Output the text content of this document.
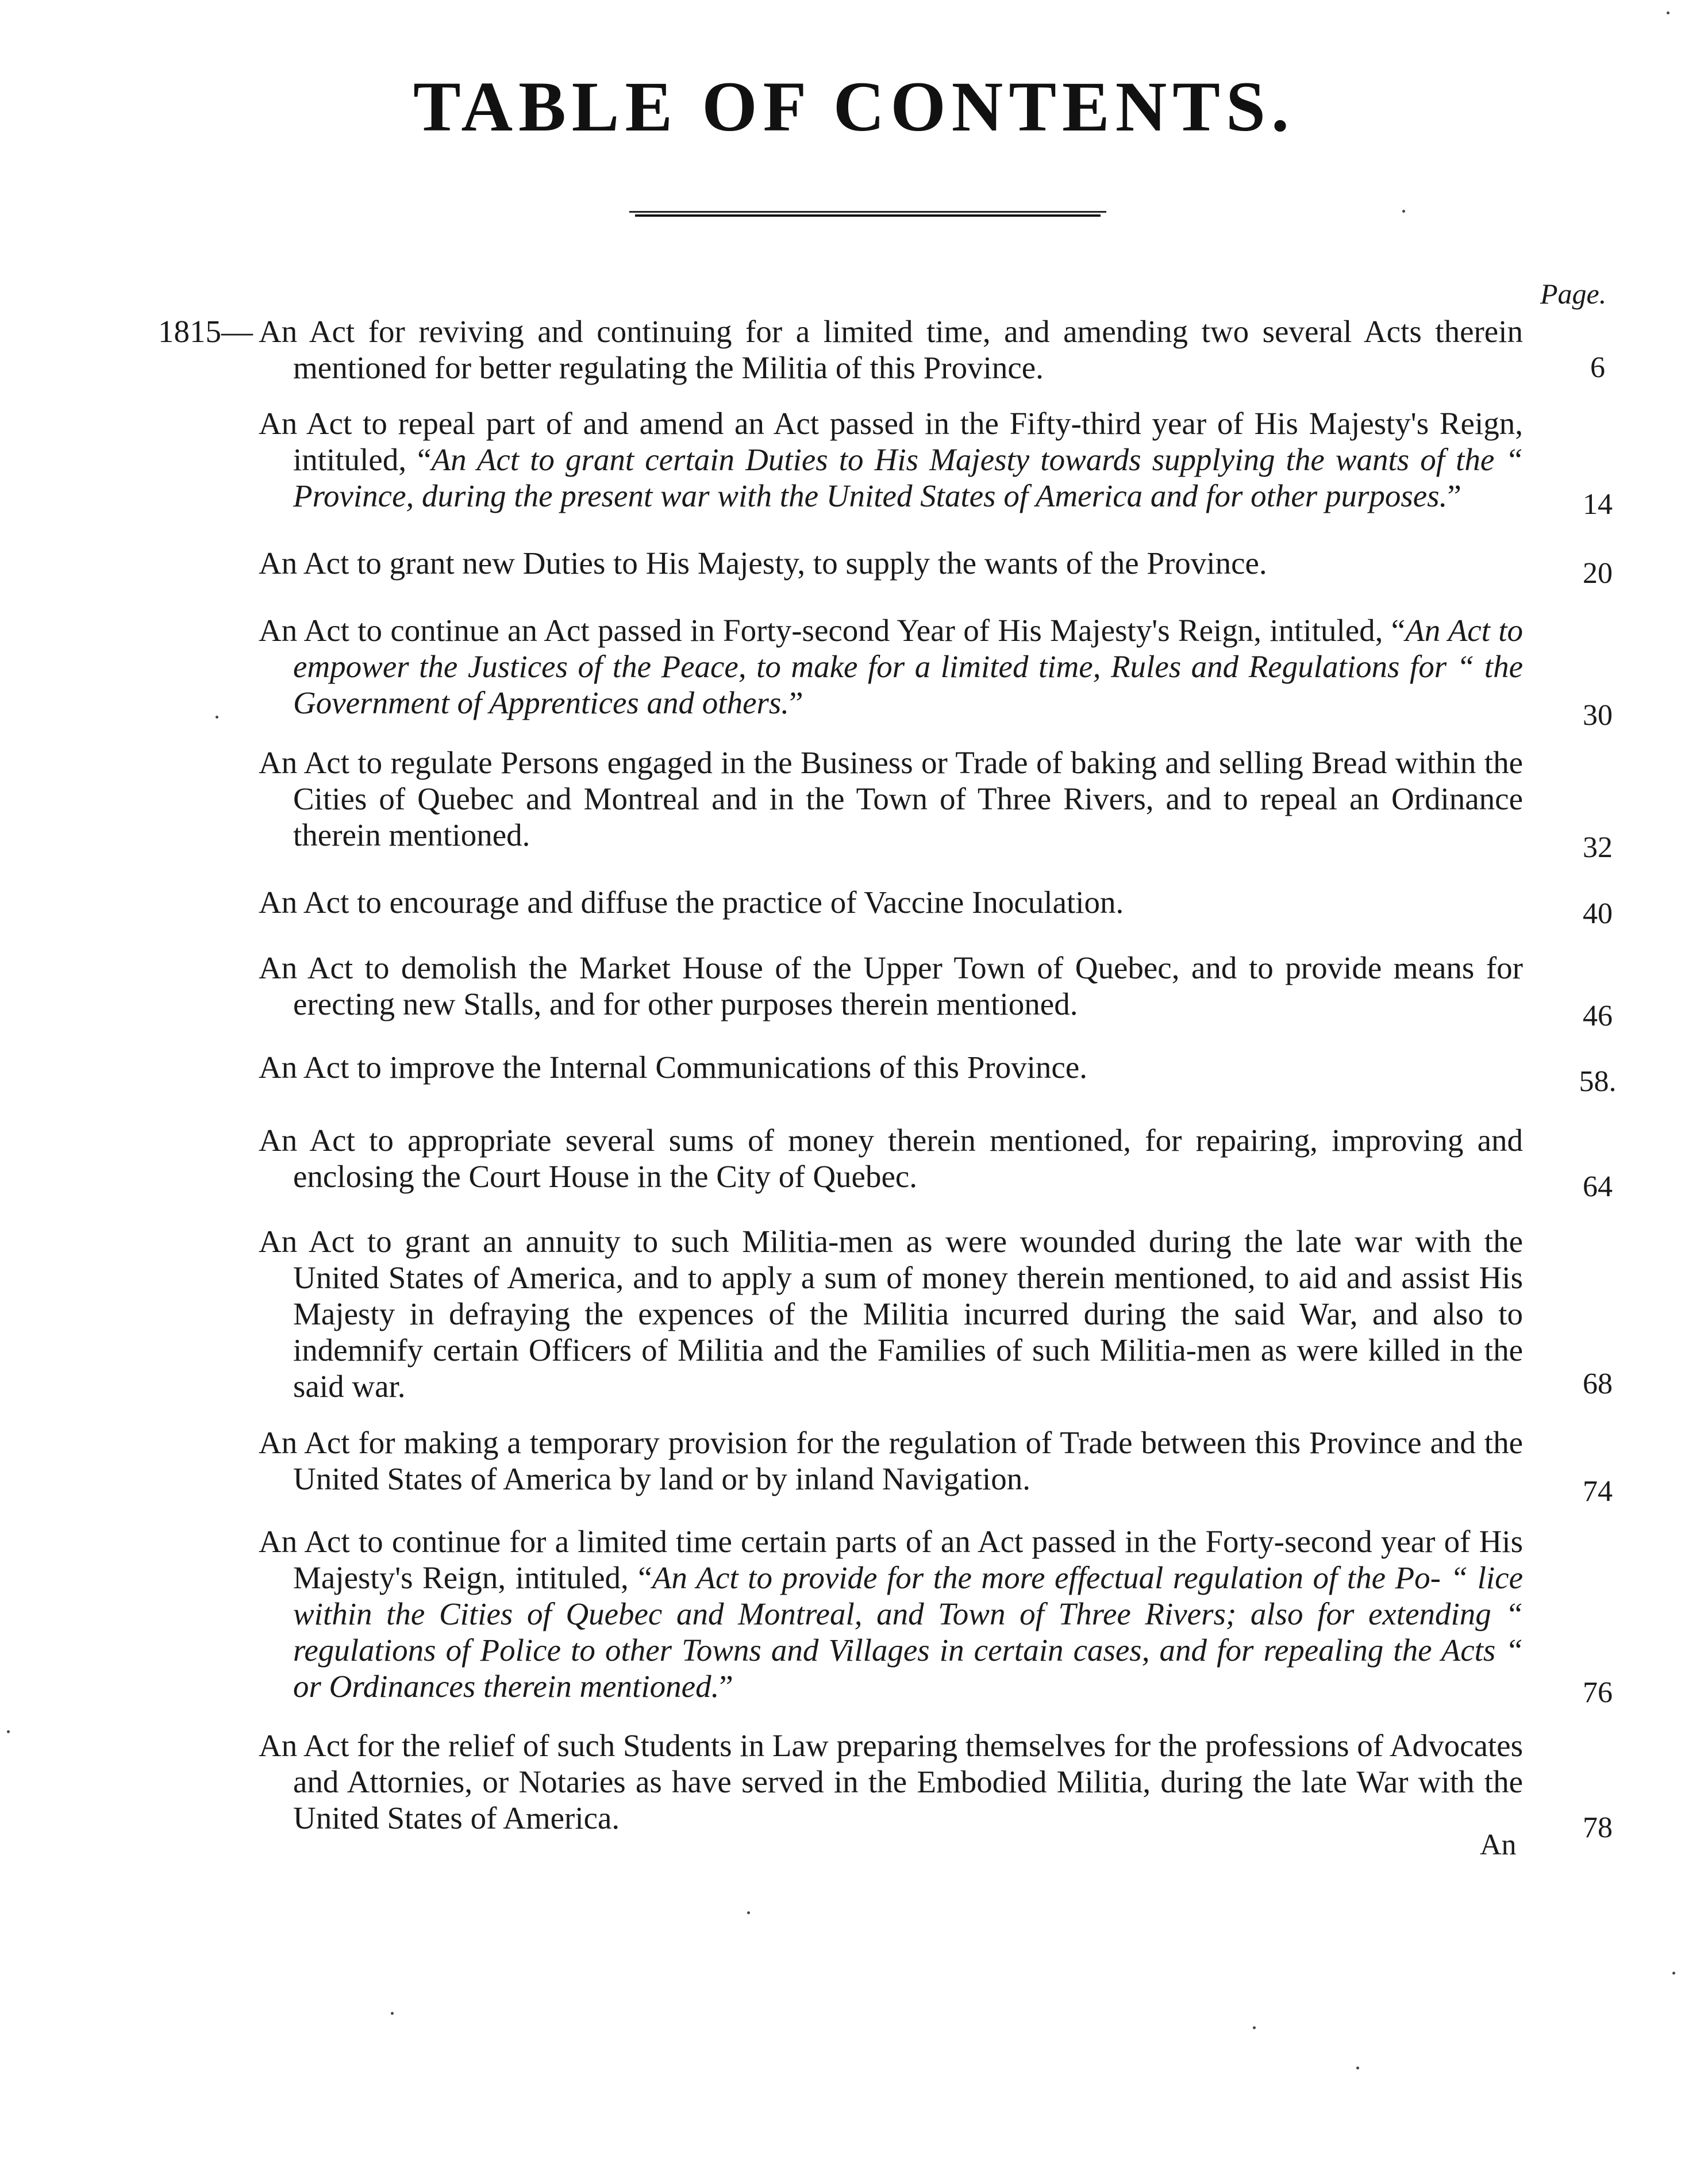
TABLE OF CONTENTS.
Page.
1815— An Act for reviving and continuing for a limited time, and amending two several Acts therein mentioned for better regulating the Militia of this Province.	6
An Act to repeal part of and amend an Act passed in the Fifty-third year of His Majesty's Reign, intituled, “An Act to grant certain Duties to His Majesty towards supplying the wants of the “ Province, during the present war with the United States of America and for other purposes.”	14
An Act to grant new Duties to His Majesty, to supply the wants of the Province.	20
An Act to continue an Act passed in Forty-second Year of His Majesty's Reign, intituled, “An Act to empower the Justices of the Peace, to make for a limited time, Rules and Regulations for “ the Government of Apprentices and others.”	30
An Act to regulate Persons engaged in the Business or Trade of baking and selling Bread within the Cities of Quebec and Montreal and in the Town of Three Rivers, and to repeal an Ordinance therein mentioned.	32
An Act to encourage and diffuse the practice of Vaccine Inoculation.	40
An Act to demolish the Market House of the Upper Town of Quebec, and to provide means for erecting new Stalls, and for other purposes therein mentioned.	46
An Act to improve the Internal Communications of this Province.	58.
An Act to appropriate several sums of money therein mentioned, for repairing, improving and enclosing the Court House in the City of Quebec.	64
An Act to grant an annuity to such Militia-men as were wounded during the late war with the United States of America, and to apply a sum of money therein mentioned, to aid and assist His Majesty in defraying the expences of the Militia incurred during the said War, and also to indemnify certain Officers of Militia and the Families of such Militia-men as were killed in the said war.	68
An Act for making a temporary provision for the regulation of Trade between this Province and the United States of America by land or by inland Navigation.	74
An Act to continue for a limited time certain parts of an Act passed in the Forty-second year of His Majesty's Reign, intituled, “An Act to provide for the more effectual regulation of the Po- “ lice within the Cities of Quebec and Montreal, and Town of Three Rivers; also for extending “ regulations of Police to other Towns and Villages in certain cases, and for repealing the Acts “ or Ordinances therein mentioned.”	76
An Act for the relief of such Students in Law preparing themselves for the professions of Advocates and Attornies, or Notaries as have served in the Embodied Militia, during the late War with the United States of America.	78
An
